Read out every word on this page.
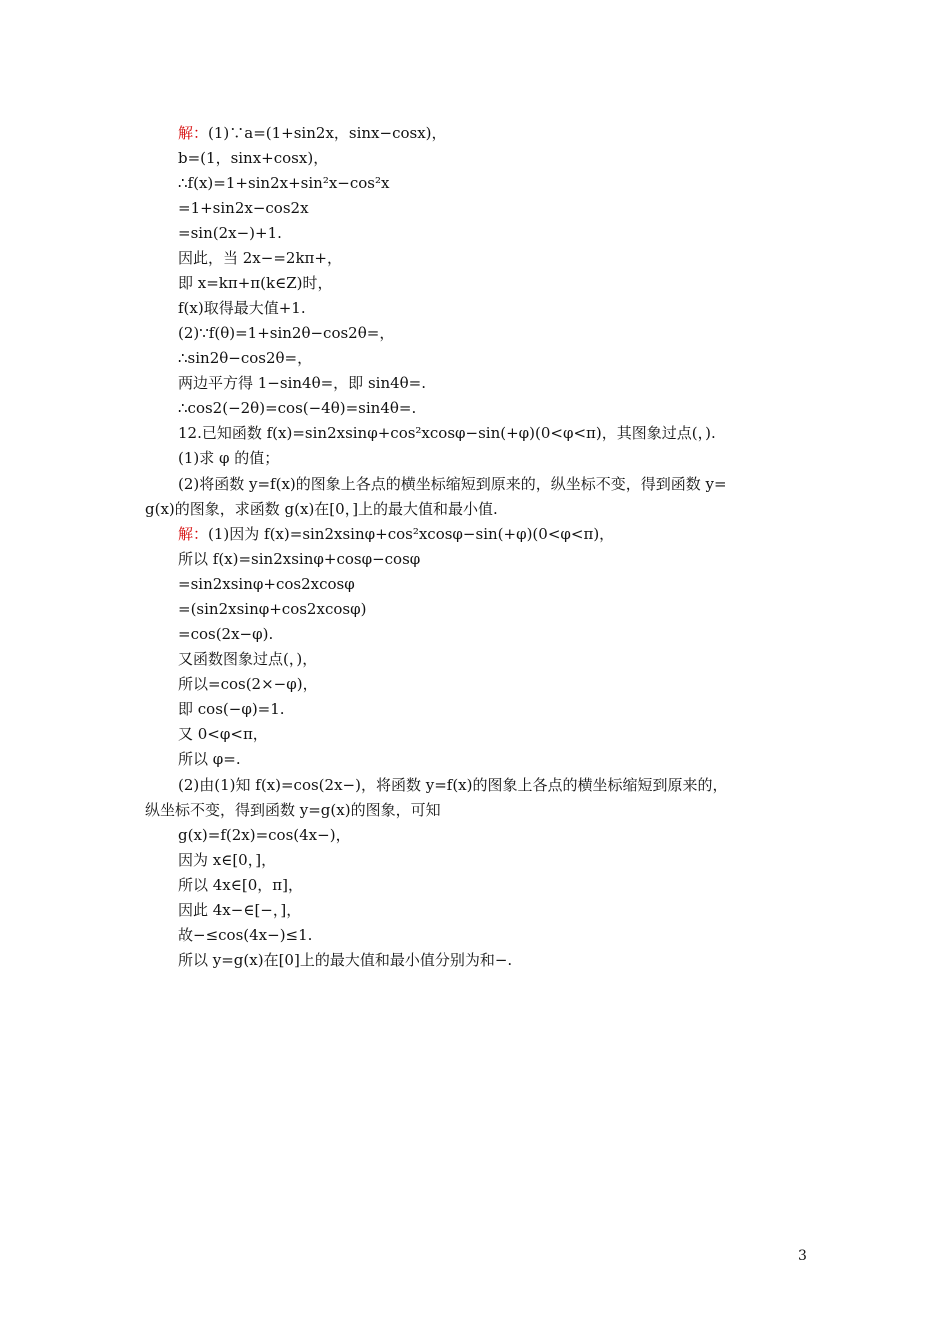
解：(1)∵a=(1+sin2x，sinx−cosx)，
b=(1，sinx+cosx)，
∴f(x)=1+sin2x+sin²x−cos²x
=1+sin2x−cos2x
=sin(2x−)+1.
因此，当 2x−=2kπ+，
即 x=kπ+π(k∈Z)时，
f(x)取得最大值+1.
(2)∵f(θ)=1+sin2θ−cos2θ=，
∴sin2θ−cos2θ=，
两边平方得 1−sin4θ=，即 sin4θ=.
∴cos2(−2θ)=cos(−4θ)=sin4θ=.
12.已知函数 f(x)=sin2xsinφ+cos²xcosφ−sin(+φ)(0<φ<π)，其图象过点(，).
(1)求 φ 的值；
(2)将函数 y=f(x)的图象上各点的横坐标缩短到原来的，纵坐标不变，得到函数 y=
g(x)的图象，求函数 g(x)在[0，]上的最大值和最小值.
解：(1)因为 f(x)=sin2xsinφ+cos²xcosφ−sin(+φ)(0<φ<π)，
所以 f(x)=sin2xsinφ+cosφ−cosφ
=sin2xsinφ+cos2xcosφ
=(sin2xsinφ+cos2xcosφ)
=cos(2x−φ).
又函数图象过点(，)，
所以=cos(2×−φ)，
即 cos(−φ)=1.
又 0<φ<π，
所以 φ=.
(2)由(1)知 f(x)=cos(2x−)，将函数 y=f(x)的图象上各点的横坐标缩短到原来的，
纵坐标不变，得到函数 y=g(x)的图象，可知
g(x)=f(2x)=cos(4x−)，
因为 x∈[0，]，
所以 4x∈[0，π]，
因此 4x−∈[−，]，
故−≤cos(4x−)≤1.
所以 y=g(x)在[0]上的最大值和最小值分别为和−.
3
